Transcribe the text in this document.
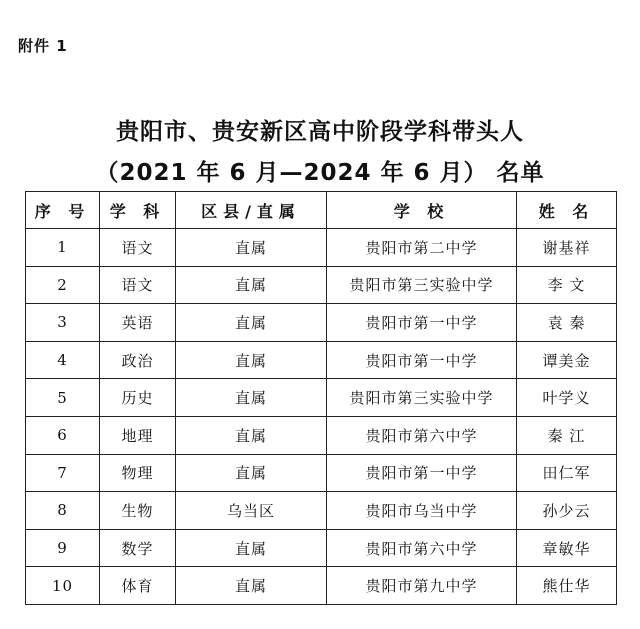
附件 1
贵阳市、贵安新区高中阶段学科带头人
（2021 年 6 月—2024 年 6 月） 名单
序 号	学 科	区县/直属	学 校	姓 名
1	语文	直属	贵阳市第二中学	谢基祥
2	语文	直属	贵阳市第三实验中学	李 文
3	英语	直属	贵阳市第一中学	袁 秦
4	政治	直属	贵阳市第一中学	谭美金
5	历史	直属	贵阳市第三实验中学	叶学义
6	地理	直属	贵阳市第六中学	秦 江
7	物理	直属	贵阳市第一中学	田仁军
8	生物	乌当区	贵阳市乌当中学	孙少云
9	数学	直属	贵阳市第六中学	章敏华
10	体育	直属	贵阳市第九中学	熊仕华
